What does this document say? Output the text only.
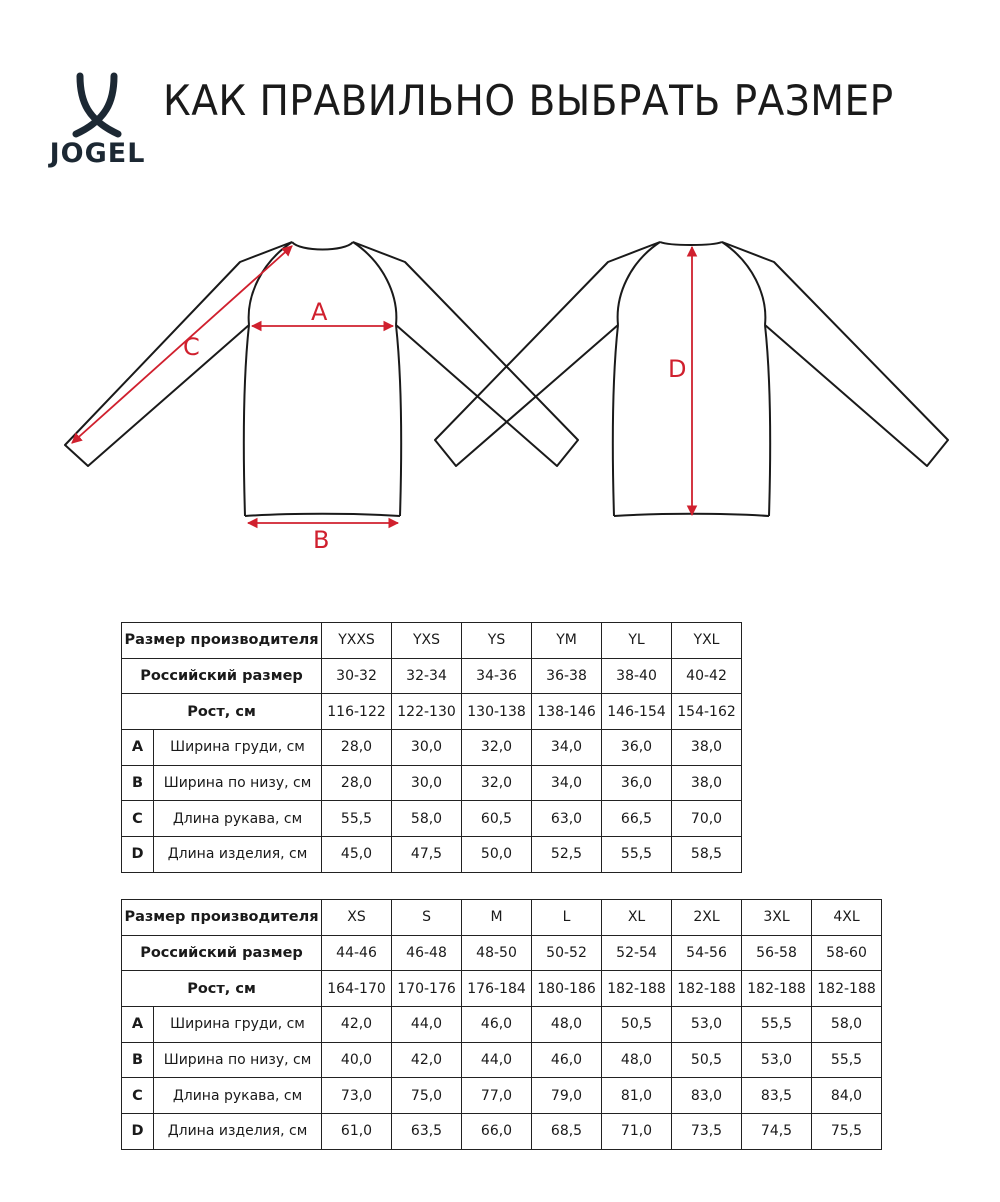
JOGEL
КАК ПРАВИЛЬНО ВЫБРАТЬ РАЗМЕР
A
B
C
D
Размер производителя		YXXS	YXS	YS	YM	YL	YXL
Российский размер		30-32	32-34	34-36	36-38	38-40	40-42
Рост, см		116-122	122-130	130-138	138-146	146-154	154-162
A	Ширина груди, см	28,0	30,0	32,0	34,0	36,0	38,0
B	Ширина по низу, см	28,0	30,0	32,0	34,0	36,0	38,0
C	Длина рукава, см	55,5	58,0	60,5	63,0	66,5	70,0
D	Длина изделия, см	45,0	47,5	50,0	52,5	55,5	58,5
Размер производителя		XS	S	M	L	XL	2XL	3XL	4XL
Российский размер		44-46	46-48	48-50	50-52	52-54	54-56	56-58	58-60
Рост, см		164-170	170-176	176-184	180-186	182-188	182-188	182-188	182-188
A	Ширина груди, см	42,0	44,0	46,0	48,0	50,5	53,0	55,5	58,0
B	Ширина по низу, см	40,0	42,0	44,0	46,0	48,0	50,5	53,0	55,5
C	Длина рукава, см	73,0	75,0	77,0	79,0	81,0	83,0	83,5	84,0
D	Длина изделия, см	61,0	63,5	66,0	68,5	71,0	73,5	74,5	75,5
